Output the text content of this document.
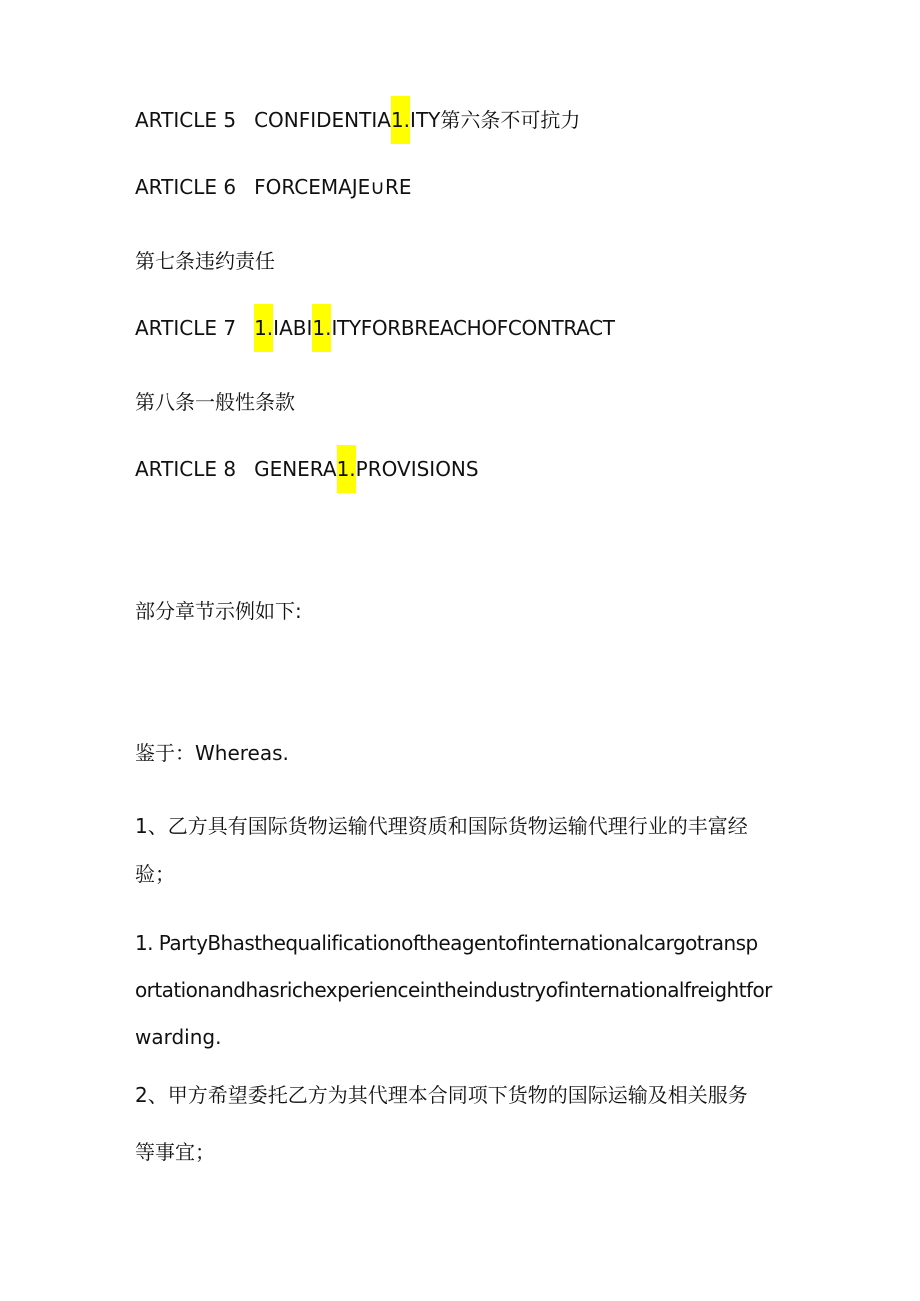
ARTICLE 5 CONFIDENTIA1.ITY第六条不可抗力
ARTICLE 6 FORCEMAJE∪RE
第七条违约责任
ARTICLE 7 1.IABI1.ITYFORBREACHOFCONTRACT
第八条一般性条款
ARTICLE 8 GENERA1.PROVISIONS
部分章节示例如下:
鉴于：Whereas.
1、乙方具有国际货物运输代理资质和国际货物运输代理行业的丰富经
验；
1. PartyBhasthequalificationoftheagentofinternationalcargotransp
ortationandhasrichexperienceintheindustryofinternationalfreightfor
warding.
2、甲方希望委托乙方为其代理本合同项下货物的国际运输及相关服务
等事宜；
